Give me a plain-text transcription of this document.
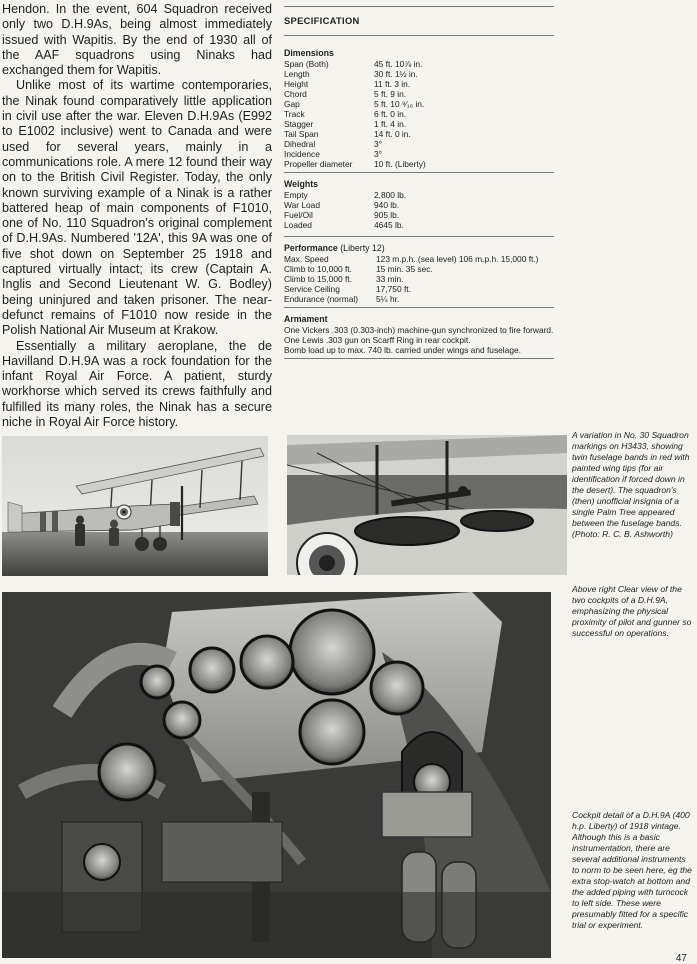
Hendon. In the event, 604 Squadron received only two D.H.9As, being almost immediately issued with Wapitis. By the end of 1930 all of the AAF squadrons using Ninaks had exchanged them for Wapitis.

Unlike most of its wartime contemporaries, the Ninak found comparatively little application in civil use after the war. Eleven D.H.9As (E992 to E1002 inclusive) went to Canada and were used for several years, mainly in a communications role. A mere 12 found their way on to the British Civil Register. Today, the only known surviving example of a Ninak is a rather battered heap of main components of F1010, one of No. 110 Squadron's original complement of D.H.9As. Numbered '12A', this 9A was one of five shot down on September 25 1918 and captured virtually intact; its crew (Captain A. Inglis and Second Lieutenant W. G. Bodley) being uninjured and taken prisoner. The near-defunct remains of F1010 now reside in the Polish National Air Museum at Krakow.

Essentially a military aeroplane, the de Havilland D.H.9A was a rock foundation for the infant Royal Air Force. A patient, sturdy workhorse which served its crews faithfully and fulfilled its many roles, the Ninak has a secure niche in Royal Air Force history.

SPECIFICATION
Dimensions
Span (Both)	45 ft. 10⅞ in.
Length	30 ft. 1½ in.
Height	11 ft. 3 in.
Chord	5 ft. 9 in.
Gap	5 ft. 10 ⁹⁄₁₆ in.
Track	6 ft. 0 in.
Stagger	1 ft. 4 in.
Tail Span	14 ft. 0 in.
Dihedral	3°
Incidence	3°
Propeller diameter	10 ft. (Liberty)
Weights
Empty	2,800 lb.
War Load	940 lb.
Fuel/Oil	905 lb.
Loaded	4645 lb.
Performance (Liberty 12)
Max. Speed	123 m.p.h. (sea level) 106 m.p.h. 15,000 ft.)
Climb to 10,000 ft.	15 min. 35 sec.
Climb to 15,000 ft.	33 min.
Service Ceiling	17,750 ft.
Endurance (normal)	5¼ hr.
Armament

One Vickers .303 (0.303-inch) machine-gun synchronized to fire forward.

One Lewis .303 gun on Scarff Ring in rear cockpit.

Bomb load up to max. 740 lb. carried under wings and fuselage.

A variation in No. 30 Squadron markings on H3433, showing twin fuselage bands in red with painted wing tips (for air identification if forced down in the desert). The squadron's (then) unofficial insignia of a single Palm Tree appeared between the fuselage bands. (Photo: R. C. B. Ashworth)
Above right Clear view of the two cockpits of a D.H.9A, emphasizing the physical proximity of pilot and gunner so successful on operations.
Cockpit detail of a D.H.9A (400 h.p. Liberty) of 1918 vintage. Although this is a basic instrumentation, there are several additional instruments to norm to be seen here, eg the extra stop-watch at bottom and the added piping with turncock to left side. These were presumably fitted for a specific trial or experiment.
47
